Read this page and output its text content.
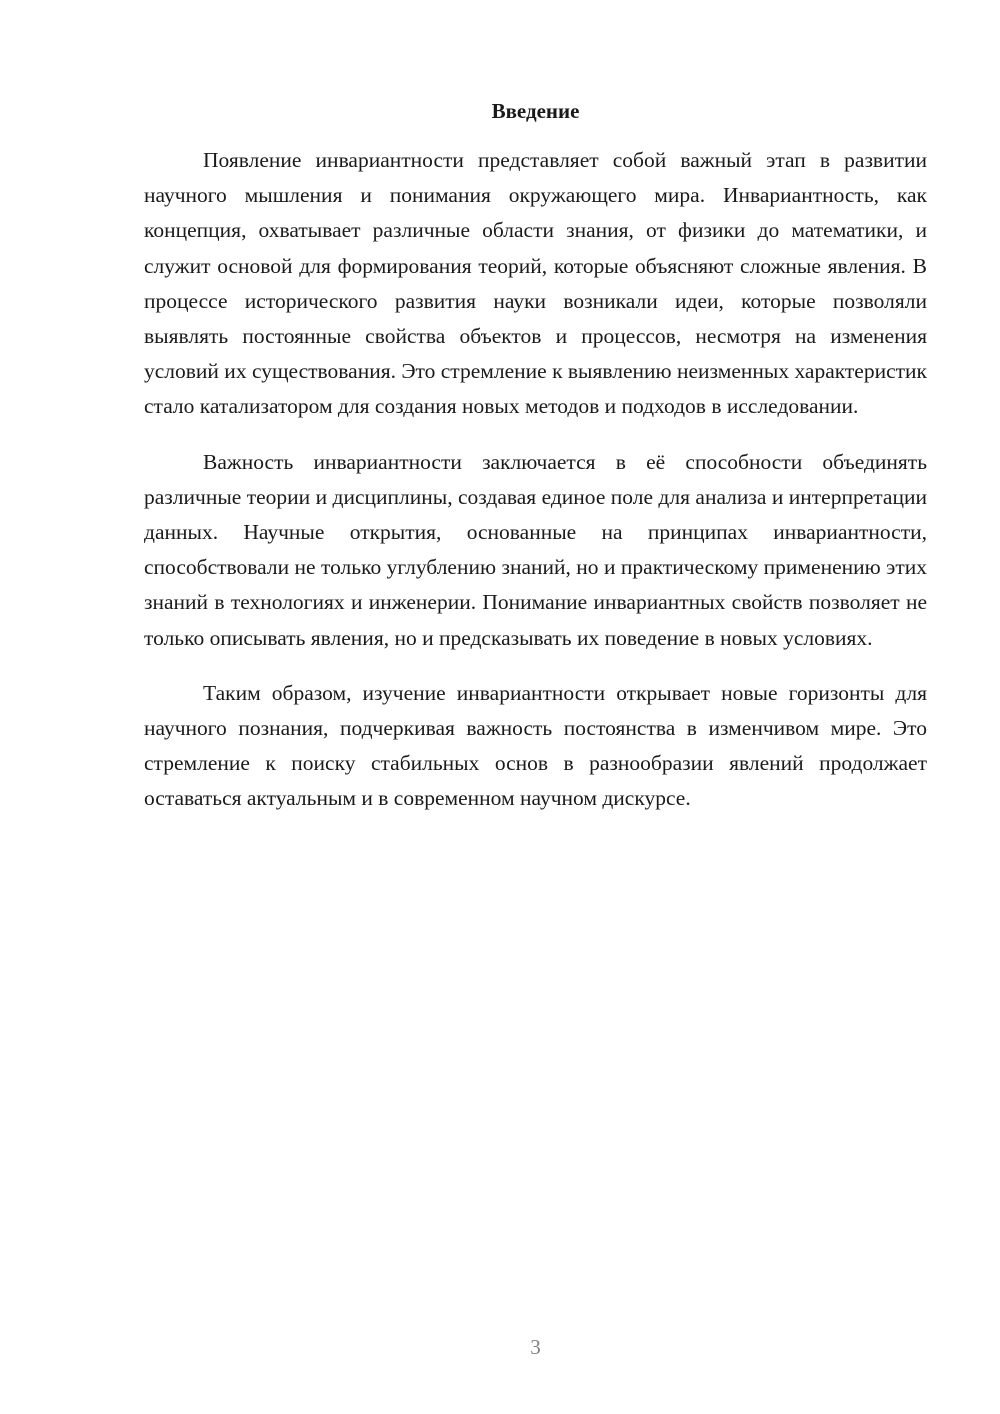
Введение

Появление инвариантности представляет собой важный этап в развитии научного мышления и понимания окружающего мира. Инвариантность, как концепция, охватывает различные области знания, от физики до математики, и служит основой для формирования теорий, которые объясняют сложные явления. В процессе исторического развития науки возникали идеи, которые позволяли выявлять постоянные свойства объектов и процессов, несмотря на изменения условий их существования. Это стремление к выявлению неизменных характеристик стало катализатором для создания новых методов и подходов в исследовании.

Важность инвариантности заключается в её способности объединять различные теории и дисциплины, создавая единое поле для анализа и интерпретации данных. Научные открытия, основанные на принципах инвариантности, способствовали не только углублению знаний, но и практическому применению этих знаний в технологиях и инженерии. Понимание инвариантных свойств позволяет не только описывать явления, но и предсказывать их поведение в новых условиях.

Таким образом, изучение инвариантности открывает новые горизонты для научного познания, подчеркивая важность постоянства в изменчивом мире. Это стремление к поиску стабильных основ в разнообразии явлений продолжает оставаться актуальным и в современном научном дискурсе.

3
